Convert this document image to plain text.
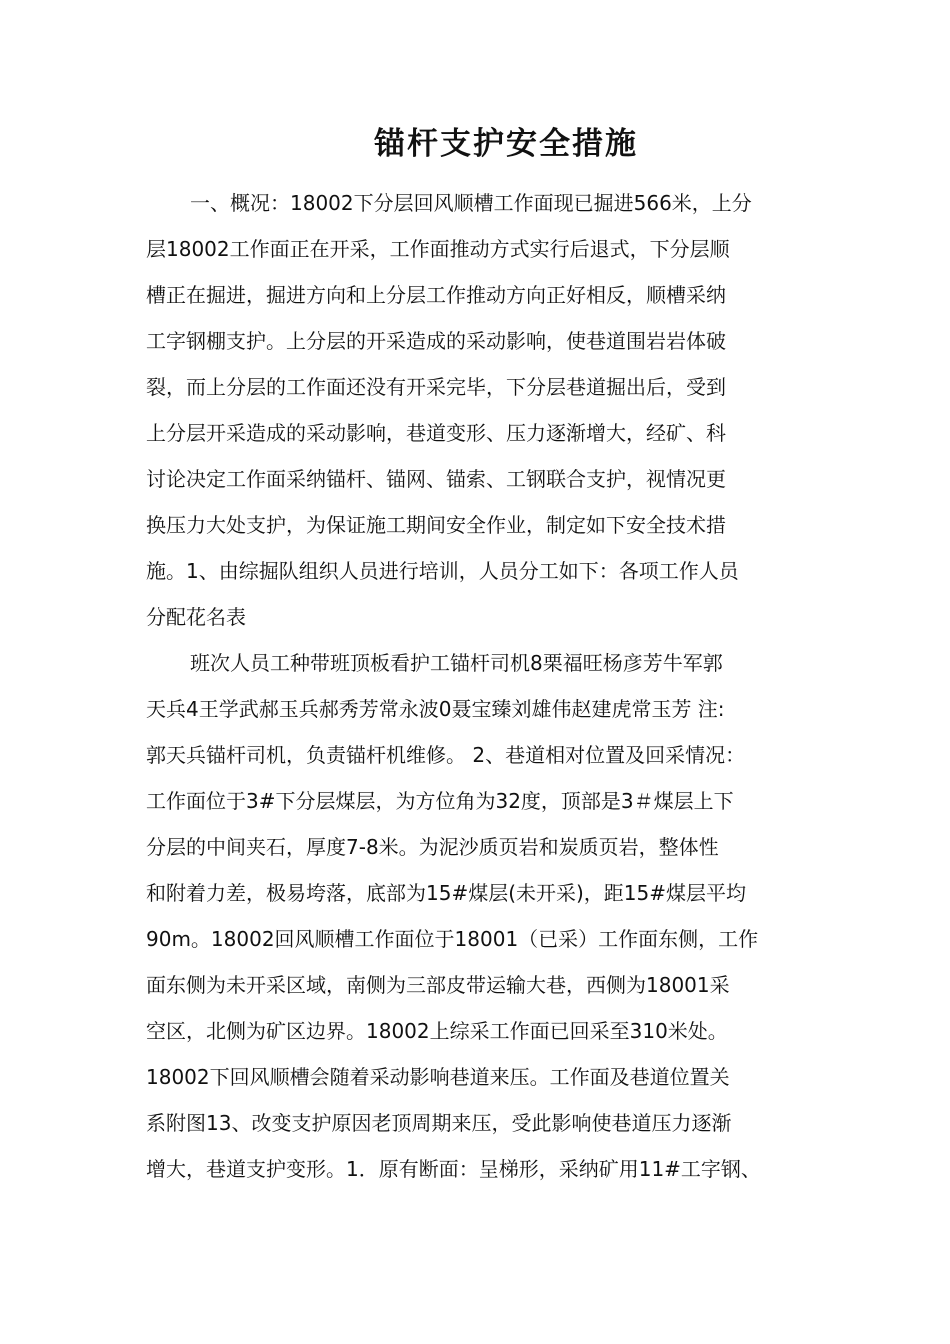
锚杆支护安全措施
一、概况：18002下分层回风顺槽工作面现已掘进566米，上分
层18002工作面正在开采，工作面推动方式实行后退式，下分层顺
槽正在掘进，掘进方向和上分层工作推动方向正好相反，顺槽采纳
工字钢棚支护。上分层的开采造成的采动影响，使巷道围岩岩体破
裂，而上分层的工作面还没有开采完毕，下分层巷道掘出后，受到
上分层开采造成的采动影响，巷道变形、压力逐渐增大，经矿、科
讨论决定工作面采纳锚杆、锚网、锚索、工钢联合支护，视情况更
换压力大处支护，为保证施工期间安全作业，制定如下安全技术措
施。1、由综掘队组织人员进行培训，人员分工如下：各项工作人员
分配花名表
班次人员工种带班顶板看护工锚杆司机8栗福旺杨彦芳牛军郭
天兵4王学武郝玉兵郝秀芳常永波0聂宝臻刘雄伟赵建虎常玉芳 注:
郭天兵锚杆司机，负责锚杆机维修。 2、巷道相对位置及回采情况：
工作面位于3#下分层煤层，为方位角为32度，顶部是3＃煤层上下
分层的中间夹石，厚度7-8米。为泥沙质页岩和炭质页岩，整体性
和附着力差，极易垮落，底部为15#煤层(未开采)，距15#煤层平均
90m。18002回风顺槽工作面位于18001（已采）工作面东侧，工作
面东侧为未开采区域，南侧为三部皮带运输大巷，西侧为18001采
空区，北侧为矿区边界。18002上综采工作面已回采至310米处。
18002下回风顺槽会随着采动影响巷道来压。工作面及巷道位置关
系附图13、改变支护原因老顶周期来压，受此影响使巷道压力逐渐
增大，巷道支护变形。1．原有断面：呈梯形，采纳矿用11#工字钢、
